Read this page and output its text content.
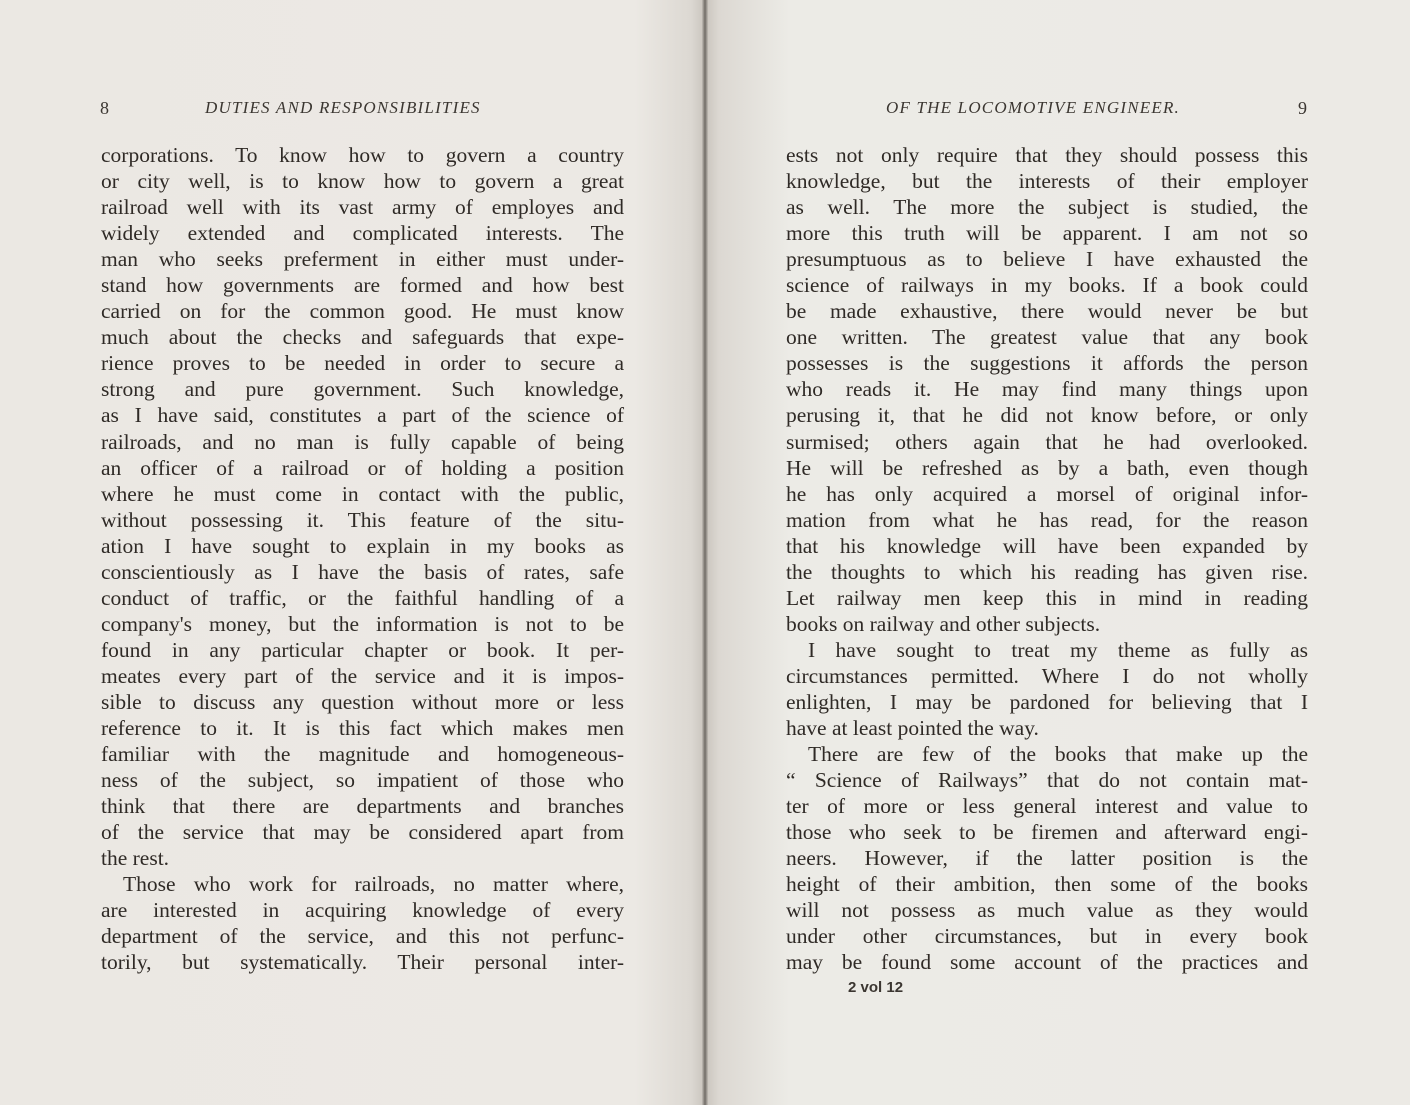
8	DUTIES AND RESPONSIBILITIES
corporations. To know how to govern a country
or city well, is to know how to govern a great
railroad well with its vast army of employes and
widely extended and complicated interests. The
man who seeks preferment in either must under-
stand how governments are formed and how best
carried on for the common good. He must know
much about the checks and safeguards that expe-
rience proves to be needed in order to secure a
strong and pure government. Such knowledge,
as I have said, constitutes a part of the science of
railroads, and no man is fully capable of being
an officer of a railroad or of holding a position
where he must come in contact with the public,
without possessing it. This feature of the situ-
ation I have sought to explain in my books as
conscientiously as I have the basis of rates, safe
conduct of traffic, or the faithful handling of a
company's money, but the information is not to be
found in any particular chapter or book. It per-
meates every part of the service and it is impos-
sible to discuss any question without more or less
reference to it. It is this fact which makes men
familiar with the magnitude and homogeneous-
ness of the subject, so impatient of those who
think that there are departments and branches
of the service that may be considered apart from
the rest.
Those who work for railroads, no matter where,
are interested in acquiring knowledge of every
department of the service, and this not perfunc-
torily, but systematically. Their personal inter-
OF THE LOCOMOTIVE ENGINEER.	9
ests not only require that they should possess this
knowledge, but the interests of their employer
as well. The more the subject is studied, the
more this truth will be apparent. I am not so
presumptuous as to believe I have exhausted the
science of railways in my books. If a book could
be made exhaustive, there would never be but
one written. The greatest value that any book
possesses is the suggestions it affords the person
who reads it. He may find many things upon
perusing it, that he did not know before, or only
surmised; others again that he had overlooked.
He will be refreshed as by a bath, even though
he has only acquired a morsel of original infor-
mation from what he has read, for the reason
that his knowledge will have been expanded by
the thoughts to which his reading has given rise.
Let railway men keep this in mind in reading
books on railway and other subjects.
I have sought to treat my theme as fully as
circumstances permitted. Where I do not wholly
enlighten, I may be pardoned for believing that I
have at least pointed the way.
There are few of the books that make up the
“ Science of Railways” that do not contain mat-
ter of more or less general interest and value to
those who seek to be firemen and afterward engi-
neers. However, if the latter position is the
height of their ambition, then some of the books
will not possess as much value as they would
under other circumstances, but in every book
may be found some account of the practices and
2 vol 12
